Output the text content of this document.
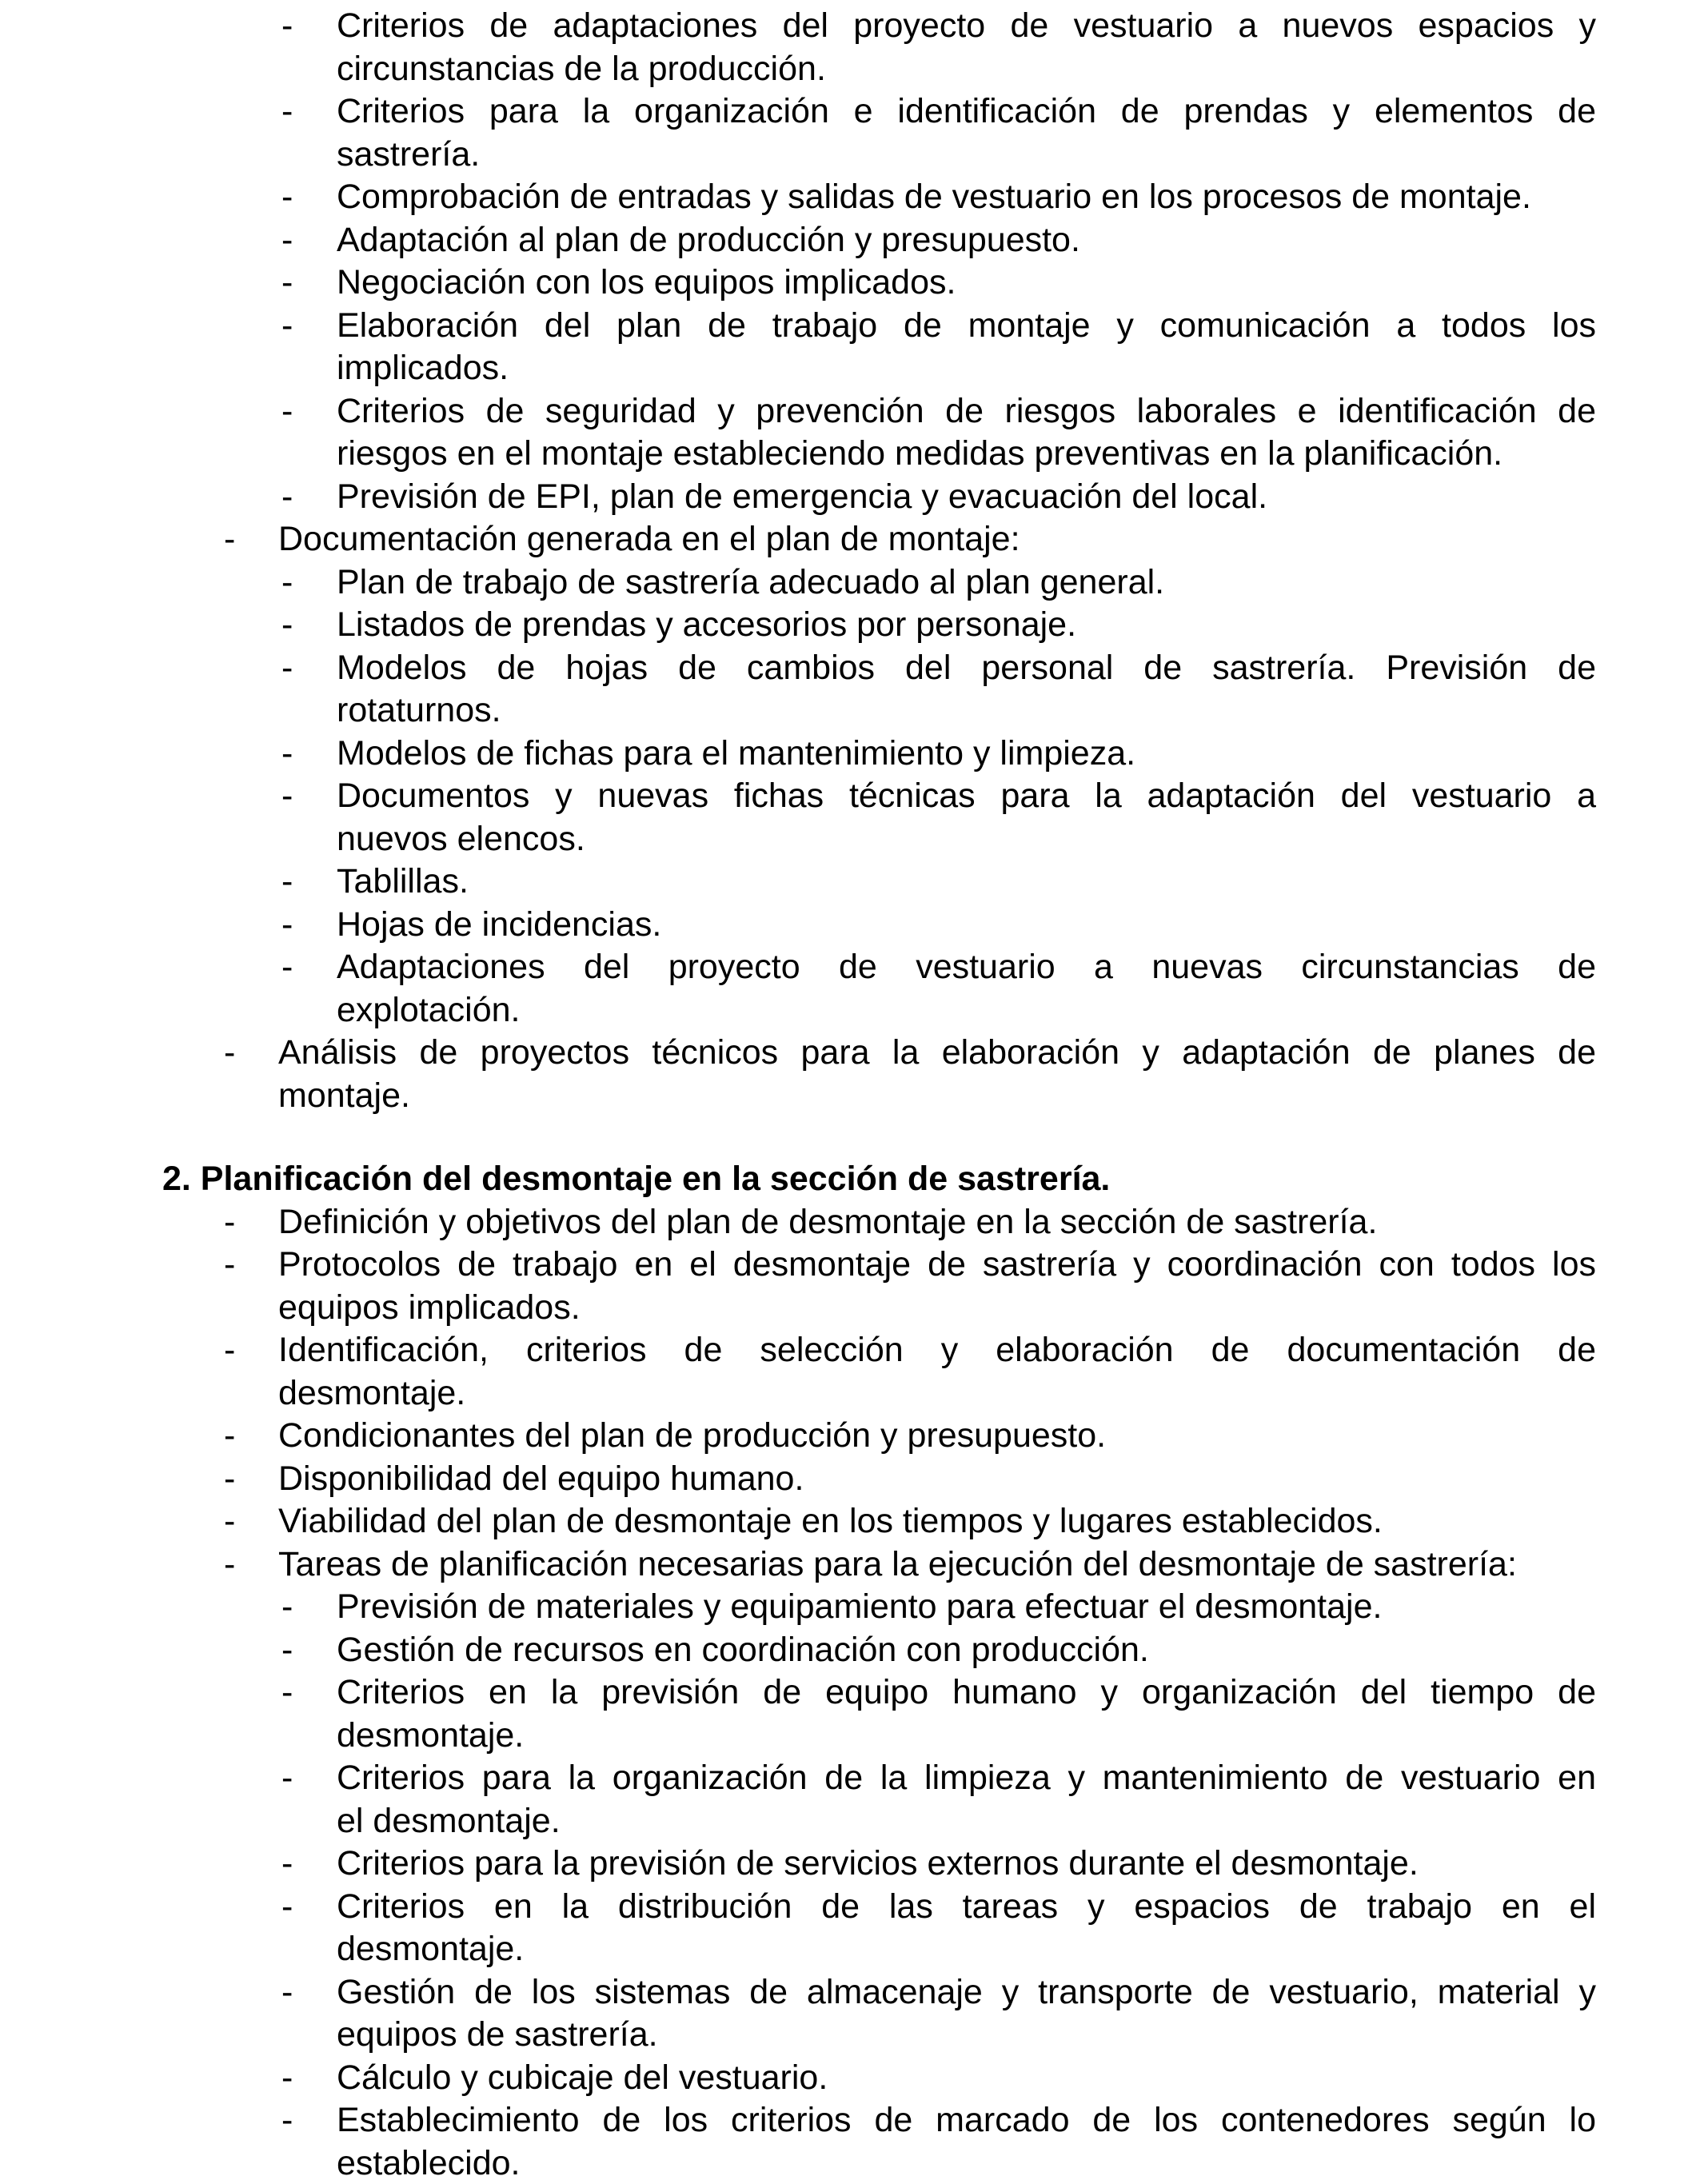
- Criterios de adaptaciones del proyecto de vestuario a nuevos espacios y
circunstancias de la producción.
- Criterios para la organización e identificación de prendas y elementos de
sastrería.
- Comprobación de entradas y salidas de vestuario en los procesos de montaje.
- Adaptación al plan de producción y presupuesto.
- Negociación con los equipos implicados.
- Elaboración del plan de trabajo de montaje y comunicación a todos los
implicados.
- Criterios de seguridad y prevención de riesgos laborales e identificación de
riesgos en el montaje estableciendo medidas preventivas en la planificación.
- Previsión de EPI, plan de emergencia y evacuación del local.
- Documentación generada en el plan de montaje:
- Plan de trabajo de sastrería adecuado al plan general.
- Listados de prendas y accesorios por personaje.
- Modelos de hojas de cambios del personal de sastrería. Previsión de
rotaturnos.
- Modelos de fichas para el mantenimiento y limpieza.
- Documentos y nuevas fichas técnicas para la adaptación del vestuario a
nuevos elencos.
- Tablillas.
- Hojas de incidencias.
- Adaptaciones del proyecto de vestuario a nuevas circunstancias de
explotación.
- Análisis de proyectos técnicos para la elaboración y adaptación de planes de
montaje.
2. Planificación del desmontaje en la sección de sastrería.
- Definición y objetivos del plan de desmontaje en la sección de sastrería.
- Protocolos de trabajo en el desmontaje de sastrería y coordinación con todos los
equipos implicados.
- Identificación, criterios de selección y elaboración de documentación de
desmontaje.
- Condicionantes del plan de producción y presupuesto.
- Disponibilidad del equipo humano.
- Viabilidad del plan de desmontaje en los tiempos y lugares establecidos.
- Tareas de planificación necesarias para la ejecución del desmontaje de sastrería:
- Previsión de materiales y equipamiento para efectuar el desmontaje.
- Gestión de recursos en coordinación con producción.
- Criterios en la previsión de equipo humano y organización del tiempo de
desmontaje.
- Criterios para la organización de la limpieza y mantenimiento de vestuario en
el desmontaje.
- Criterios para la previsión de servicios externos durante el desmontaje.
- Criterios en la distribución de las tareas y espacios de trabajo en el
desmontaje.
- Gestión de los sistemas de almacenaje y transporte de vestuario, material y
equipos de sastrería.
- Cálculo y cubicaje del vestuario.
- Establecimiento de los criterios de marcado de los contenedores según lo
establecido.
